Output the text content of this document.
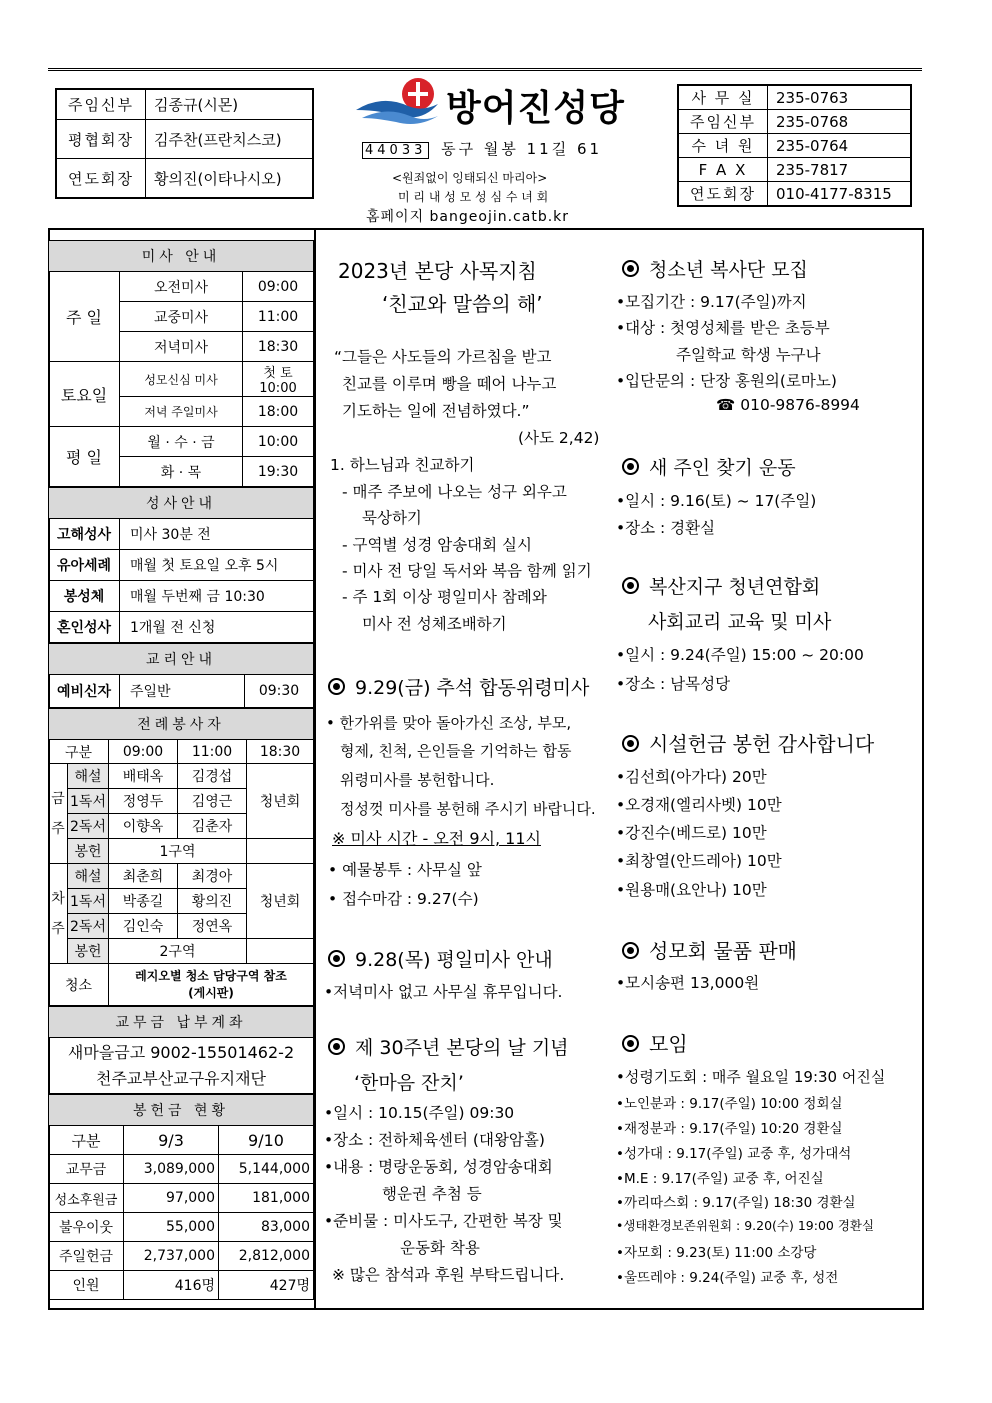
주임신부	김종규(시몬)
평협회장	김주찬(프란치스코)
연도회장	황의진(이타나시오)
방어진성당
44033 동구 월봉 11길 61
<원죄없이 잉태되신 마리아>
미 리 내 성 모 성 심 수 녀 회
홈페이지 bangeojin.catb.kr
사 무 실	235-0763
주임신부	235-0768
수 녀 원	235-0764
F A X	235-7817
연도회장	010-4177-8315
미사 안내		
주 일	오전미사	09:00
	교중미사	11:00
	저녁미사	18:30
토요일	성모신심 미사	첫 토 10:00
	저녁 주일미사	18:00
평 일	월 · 수 · 금	10:00
	화 · 목	19:30
성사안내	
고해성사	미사 30분 전
유아세례	매월 첫 토요일 오후 5시
봉성체	매월 두번째 금 10:30
혼인성사	1개월 전 신청
교리안내
예비신자	주일반	09:30
전례봉사자				
구분		09:00	11:00	18:30
금
주	해설	배태옥	김경섭	청년회
	1독서	정영두	김영근	
	2독서	이향옥	김춘자	
	봉헌	1구역		
차
주	해설	최춘희	최경아	청년회
	1독서	박종길	황의진	
	2독서	김인숙	정연옥	
	봉헌	2구역		
청소		레지오별 청소 담당구역 참조
(게시판)		
교무금 납부계좌
새마을금고 9002-15501462-2
천주교부산교구유지재단
봉헌금 현황		
구분	9/3	9/10
교무금	3,089,000	5,144,000
성소후원금	97,000	181,000
불우이웃	55,000	83,000
주일헌금	2,737,000	2,812,000
인원	416명	427명
2023년 본당 사목지침
‘친교와 말씀의 해’
“그들은 사도들의 가르침을 받고
친교를 이루며 빵을 떼어 나누고
기도하는 일에 전념하였다.”
(사도 2,42)
1. 하느님과 친교하기
- 매주 주보에 나오는 성구 외우고
묵상하기
- 구역별 성경 암송대회 실시
- 미사 전 당일 독서와 복음 함께 읽기
- 주 1회 이상 평일미사 참례와
미사 전 성체조배하기
9.29(금) 추석 합동위령미사
• 한가위를 맞아 돌아가신 조상, 부모,
형제, 친척, 은인들을 기억하는 합동
위령미사를 봉헌합니다.
정성껏 미사를 봉헌해 주시기 바랍니다.
※ 미사 시간 - 오전 9시, 11시
• 예물봉투 : 사무실 앞
• 접수마감 : 9.27(수)
9.28(목) 평일미사 안내
•저녁미사 없고 사무실 휴무입니다.
제 30주년 본당의 날 기념
‘한마음 잔치’
•일시 : 10.15(주일) 09:30
•장소 : 전하체육센터 (대왕암홀)
•내용 : 명랑운동회, 성경암송대회
행운권 추첨 등
•준비물 : 미사도구, 간편한 복장 및
운동화 착용
※ 많은 참석과 후원 부탁드립니다.
청소년 복사단 모집
•모집기간 : 9.17(주일)까지
•대상 : 첫영성체를 받은 초등부
주일학교 학생 누구나
•입단문의 : 단장 홍원의(로마노)
☎ 010-9876-8994
새 주인 찾기 운동
•일시 : 9.16(토) ~ 17(주일)
•장소 : 경환실
복산지구 청년연합회
사회교리 교육 및 미사
•일시 : 9.24(주일) 15:00 ~ 20:00
•장소 : 남목성당
시설헌금 봉헌 감사합니다
•김선희(아가다) 20만
•오경재(엘리사벳) 10만
•강진수(베드로) 10만
•최창열(안드레아) 10만
•원용매(요안나) 10만
성모회 물품 판매
•모시송편 13,000원
모임
•성령기도회 : 매주 월요일 19:30 어진실
•노인분과 : 9.17(주일) 10:00 정회실
•재정분과 : 9.17(주일) 10:20 경환실
•성가대 : 9.17(주일) 교중 후, 성가대석
•M.E : 9.17(주일) 교중 후, 어진실
•까리따스회 : 9.17(주일) 18:30 경환실
•생태환경보존위원회 : 9.20(수) 19:00 경환실
•자모회 : 9.23(토) 11:00 소강당
•울뜨레야 : 9.24(주일) 교중 후, 성전
